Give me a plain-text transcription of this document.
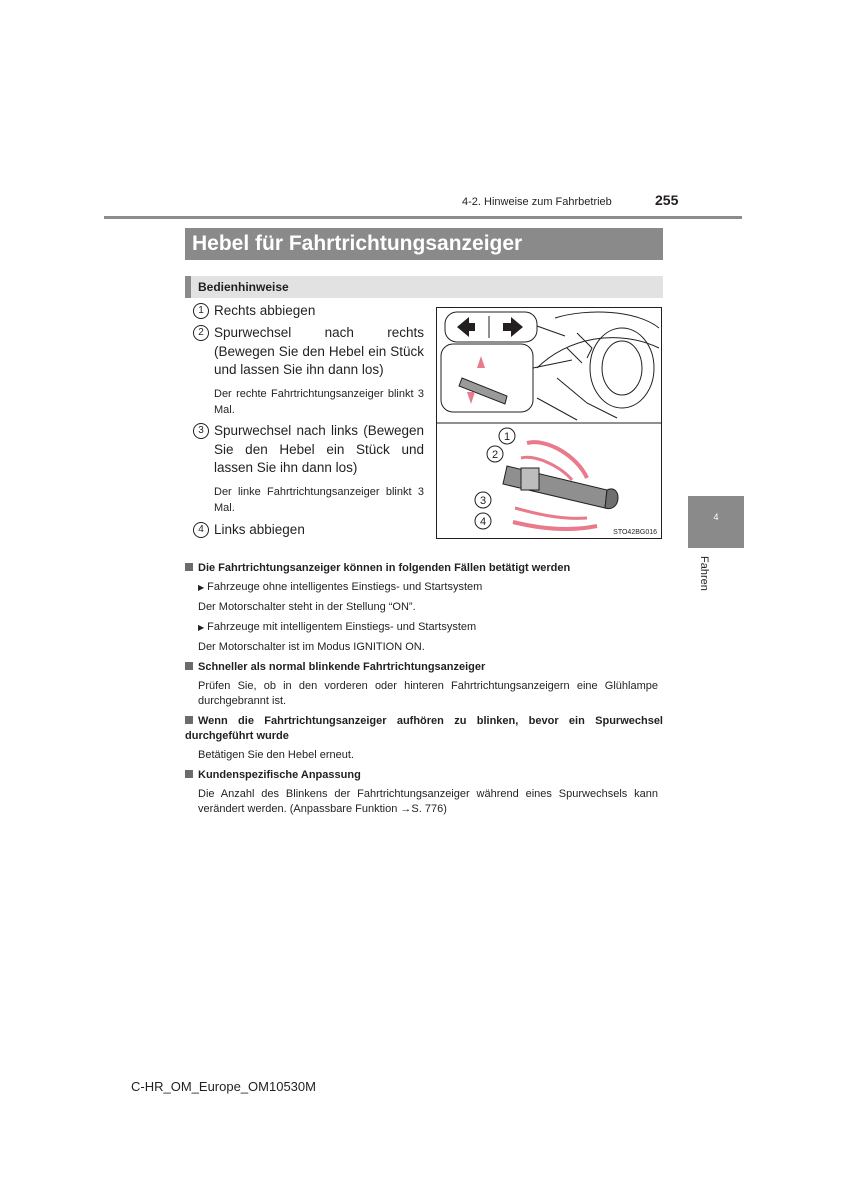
4-2. Hinweise zum Fahrbetrieb	255
Hebel für Fahrtrichtungsanzeiger
Bedienhinweise
1 Rechts abbiegen
2 Spurwechsel nach rechts (Bewegen Sie den Hebel ein Stück und lassen Sie ihn dann los)
Der rechte Fahrtrichtungsanzeiger blinkt 3 Mal.
3 Spurwechsel nach links (Bewegen Sie den Hebel ein Stück und lassen Sie ihn dann los)
Der linke Fahrtrichtungsanzeiger blinkt 3 Mal.
4 Links abbiegen
1
2
3
4
STO42BG016
Die Fahrtrichtungsanzeiger können in folgenden Fällen betätigt werden
▶ Fahrzeuge ohne intelligentes Einstiegs- und Startsystem
Der Motorschalter steht in der Stellung “ON”.
▶ Fahrzeuge mit intelligentem Einstiegs- und Startsystem
Der Motorschalter ist im Modus IGNITION ON.
Schneller als normal blinkende Fahrtrichtungsanzeiger
Prüfen Sie, ob in den vorderen oder hinteren Fahrtrichtungsanzeigern eine Glühlampe durchgebrannt ist.
Wenn die Fahrtrichtungsanzeiger aufhören zu blinken, bevor ein Spurwechsel durchgeführt wurde
Betätigen Sie den Hebel erneut.
Kundenspezifische Anpassung
Die Anzahl des Blinkens der Fahrtrichtungsanzeiger während eines Spurwechsels kann verändert werden. (Anpassbare Funktion →S. 776)
4
Fahren
C-HR_OM_Europe_OM10530M
